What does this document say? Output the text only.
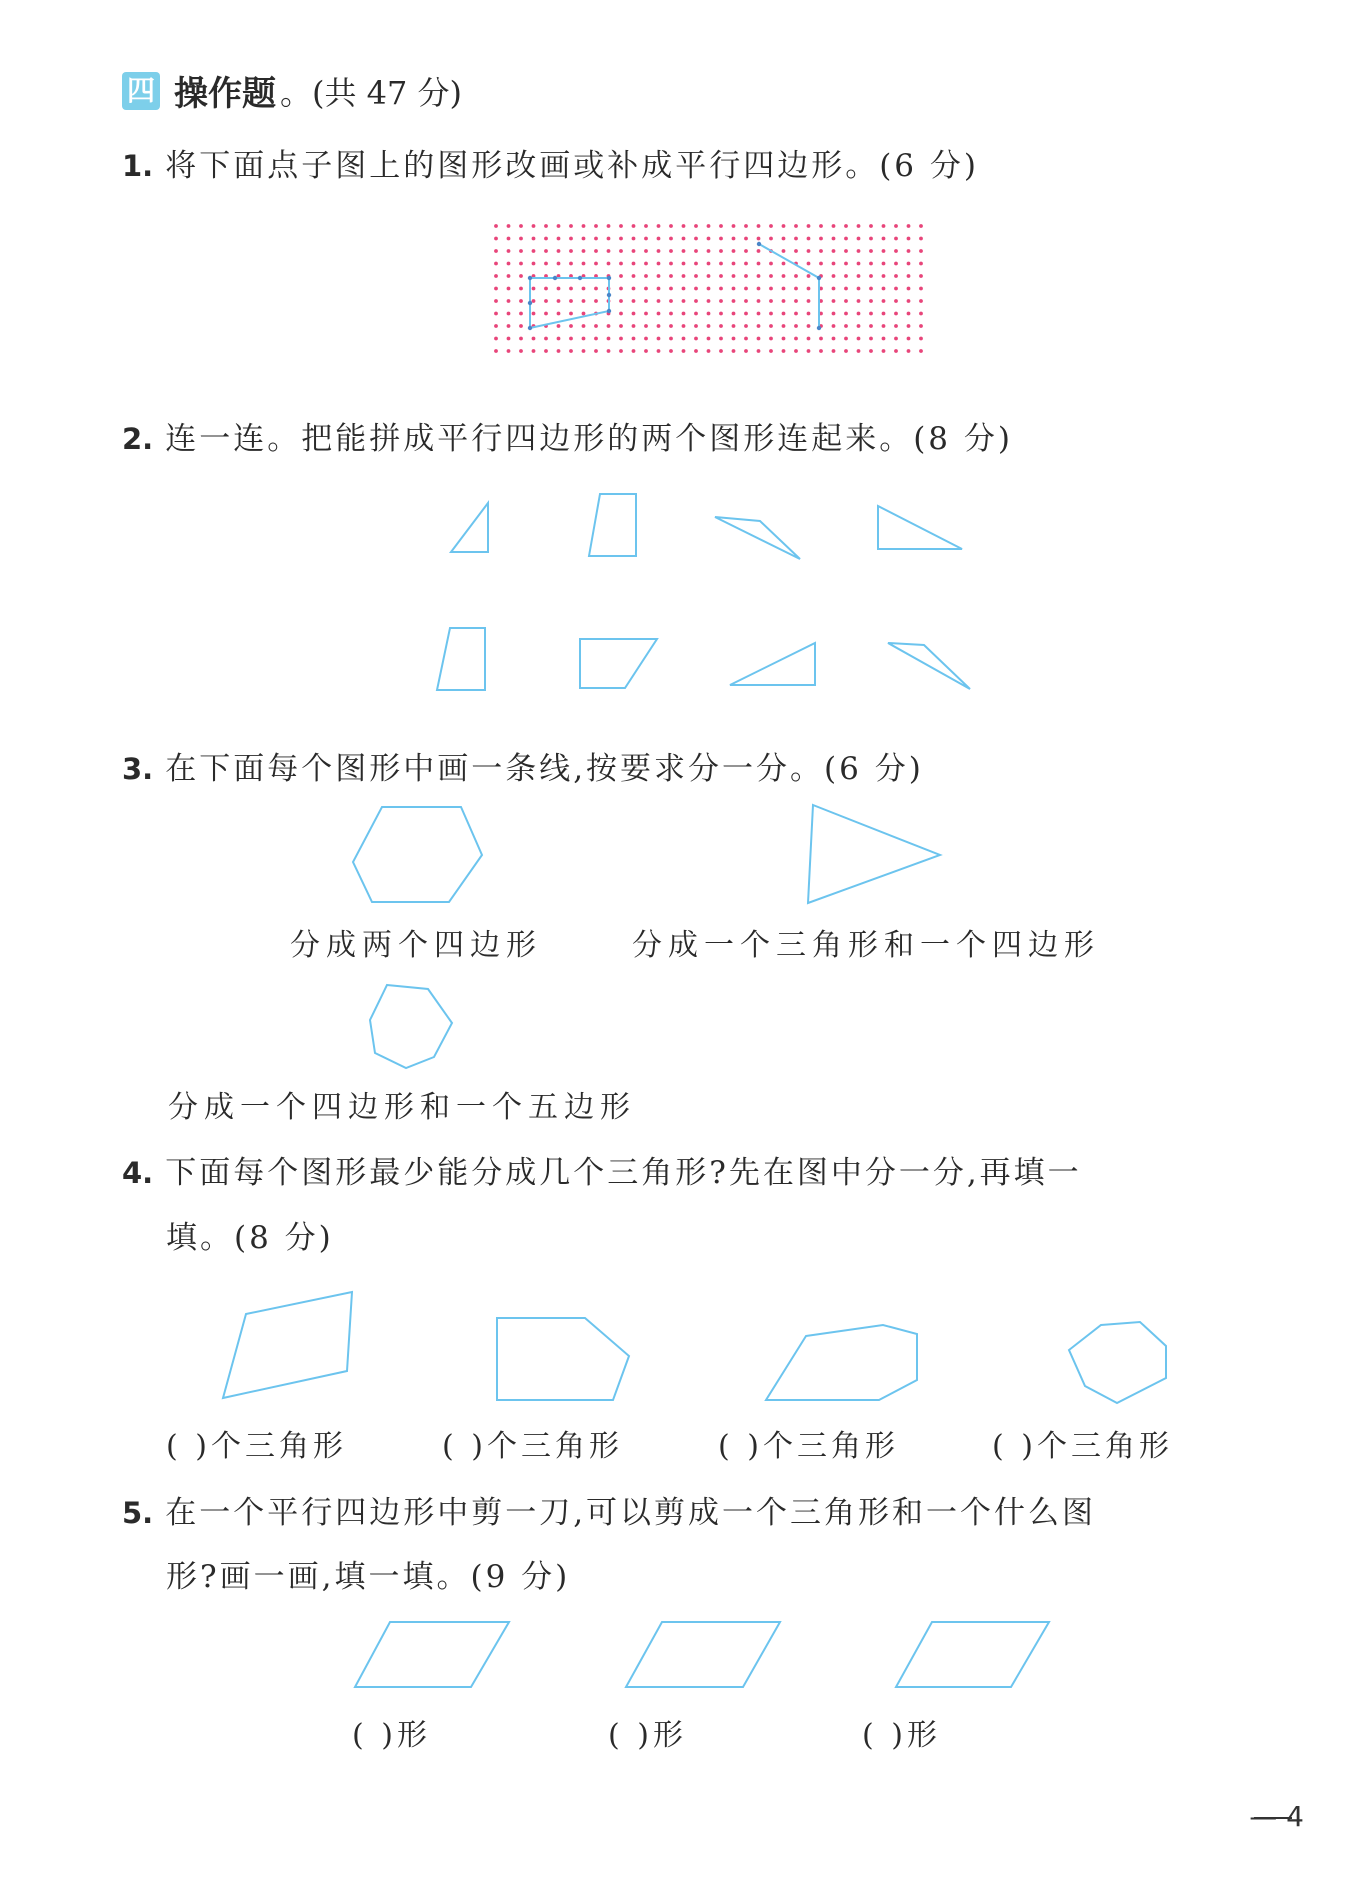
四 操作题 。(共 47 分)
1. 将下面点子图上的图形改画或补成平行四边形。(6 分)
2. 连一连。把能拼成平行四边形的两个图形连起来。(8 分)
3. 在下面每个图形中画一条线,按要求分一分。(6 分)
分成两个四边形	分成一个三角形和一个四边形
分成一个四边形和一个五边形
4. 下面每个图形最少能分成几个三角形?先在图中分一分,再填一
填。(8 分)
( )个三角形	( )个三角形	( )个三角形	( )个三角形
5. 在一个平行四边形中剪一刀,可以剪成一个三角形和一个什么图
形?画一画,填一填。(9 分)
( )形	( )形	( )形
— 4
